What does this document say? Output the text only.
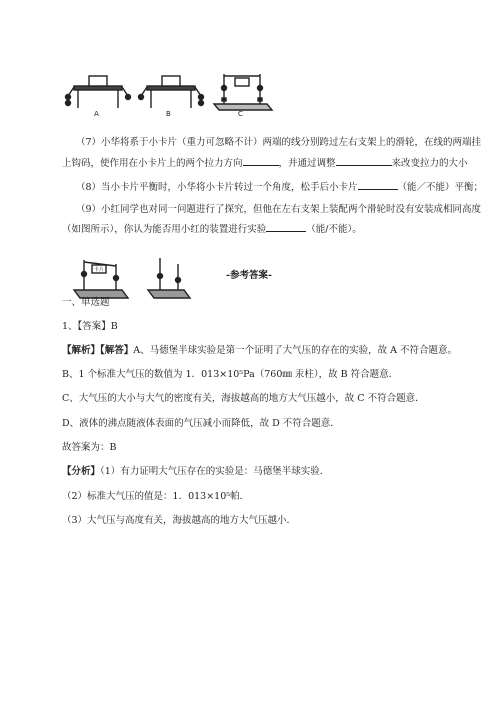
A	B	C
（7）小华将系于小卡片（重力可忽略不计）两端的线分别跨过左右支架上的滑轮，在线的两端挂
上钩码，使作用在小卡片上的两个拉力方向	，并通过调整	来改变拉力的大小
（8）当小卡片平衡时，小华将小卡片转过一个角度，松手后小卡片	（能／不能）平衡；
（9）小红同学也对同一问题进行了探究，但他在左右支架上装配两个滑轮时没有安装成相同高度
（如图所示），你认为能否用小红的装置进行实验	（能/不能）。
卡片	-参考答案-
一、单选题
1、【答案】B
【解析】【解答】A、马德堡半球实验是第一个证明了大气压的存在的实验，故 A 不符合题意。
B、1 个标准大气压的数值为 1．013×10⁵Pa（760㎜ 汞柱），故 B 符合题意．
C、大气压的大小与大气的密度有关，海拔越高的地方大气压越小，故 C 不符合题意．
D、液体的沸点随液体表面的气压减小而降低，故 D 不符合题意．
故答案为：B
【分析】（1）有力证明大气压存在的实验是：马德堡半球实验．
（2）标准大气压的值是：1．013×10⁵帕．
（3）大气压与高度有关，海拔越高的地方大气压越小．
